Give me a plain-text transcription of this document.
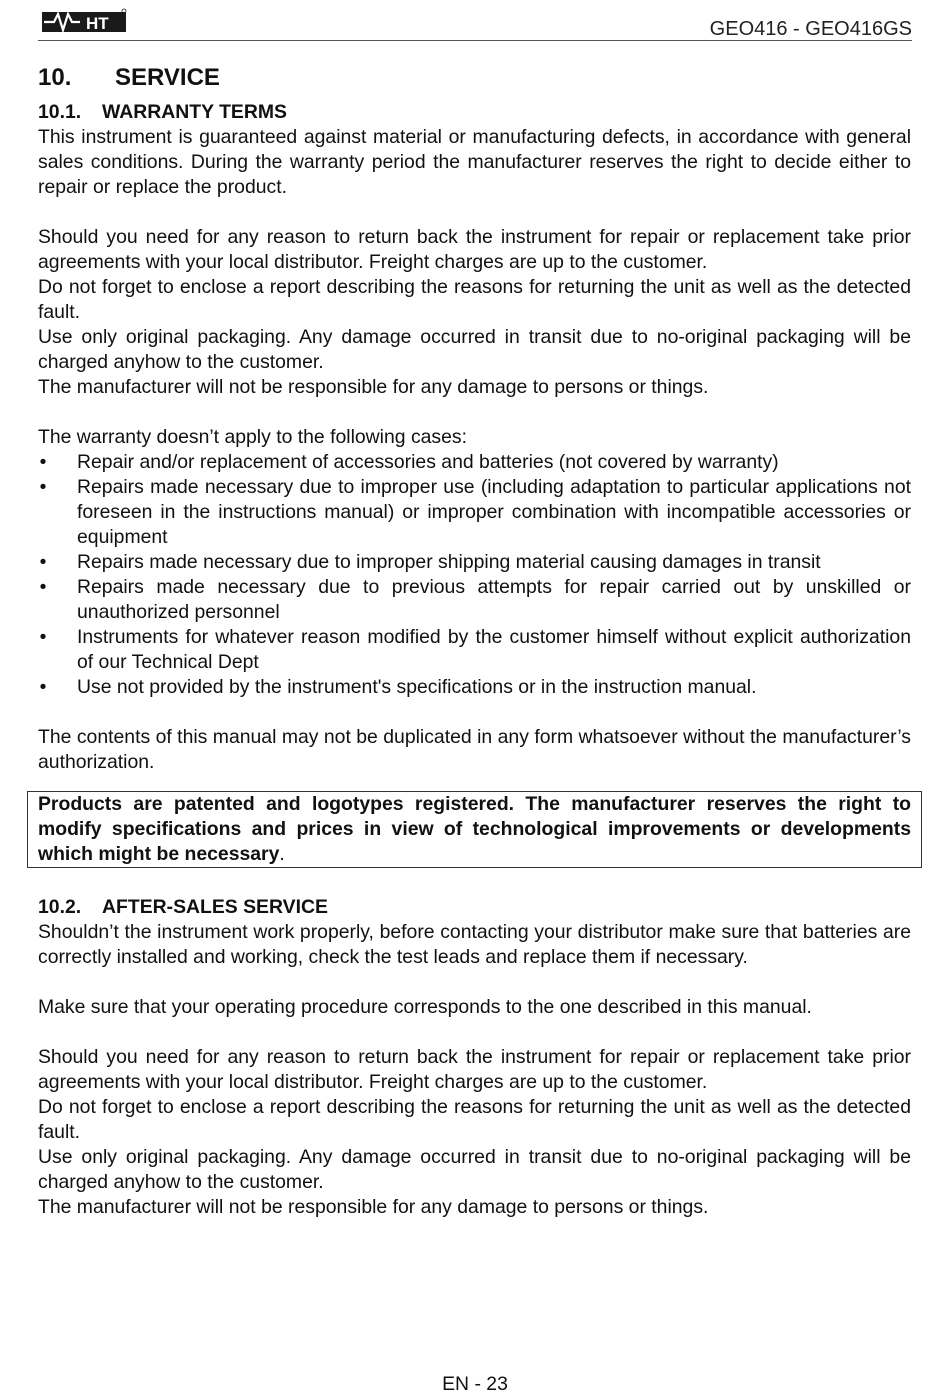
HT	GEO416 - GEO416GS
10. SERVICE
10.1. WARRANTY TERMS

This instrument is guaranteed against material or manufacturing defects, in accordance with general sales conditions. During the warranty period the manufacturer reserves the right to decide either to repair or replace the product.

Should you need for any reason to return back the instrument for repair or replacement take prior agreements with your local distributor. Freight charges are up to the customer.

Do not forget to enclose a report describing the reasons for returning the unit as well as the detected fault.

Use only original packaging. Any damage occurred in transit due to no-original packaging will be charged anyhow to the customer.

The manufacturer will not be responsible for any damage to persons or things.

The warranty doesn’t apply to the following cases:

• Repair and/or replacement of accessories and batteries (not covered by warranty)
• Repairs made necessary due to improper use (including adaptation to particular applications not foreseen in the instructions manual) or improper combination with incompatible accessories or equipment
• Repairs made necessary due to improper shipping material causing damages in transit
• Repairs made necessary due to previous attempts for repair carried out by unskilled or unauthorized personnel
• Instruments for whatever reason modified by the customer himself without explicit authorization of our Technical Dept
• Use not provided by the instrument's specifications or in the instruction manual.

The contents of this manual may not be duplicated in any form whatsoever without the manufacturer’s authorization.

Products are patented and logotypes registered. The manufacturer reserves the right to modify specifications and prices in view of technological improvements or developments which might be necessary.

10.2. AFTER-SALES SERVICE

Shouldn’t the instrument work properly, before contacting your distributor make sure that batteries are correctly installed and working, check the test leads and replace them if necessary.

Make sure that your operating procedure corresponds to the one described in this manual.

Should you need for any reason to return back the instrument for repair or replacement take prior agreements with your local distributor. Freight charges are up to the customer.

Do not forget to enclose a report describing the reasons for returning the unit as well as the detected fault.

Use only original packaging. Any damage occurred in transit due to no-original packaging will be charged anyhow to the customer.

The manufacturer will not be responsible for any damage to persons or things.

EN - 23
